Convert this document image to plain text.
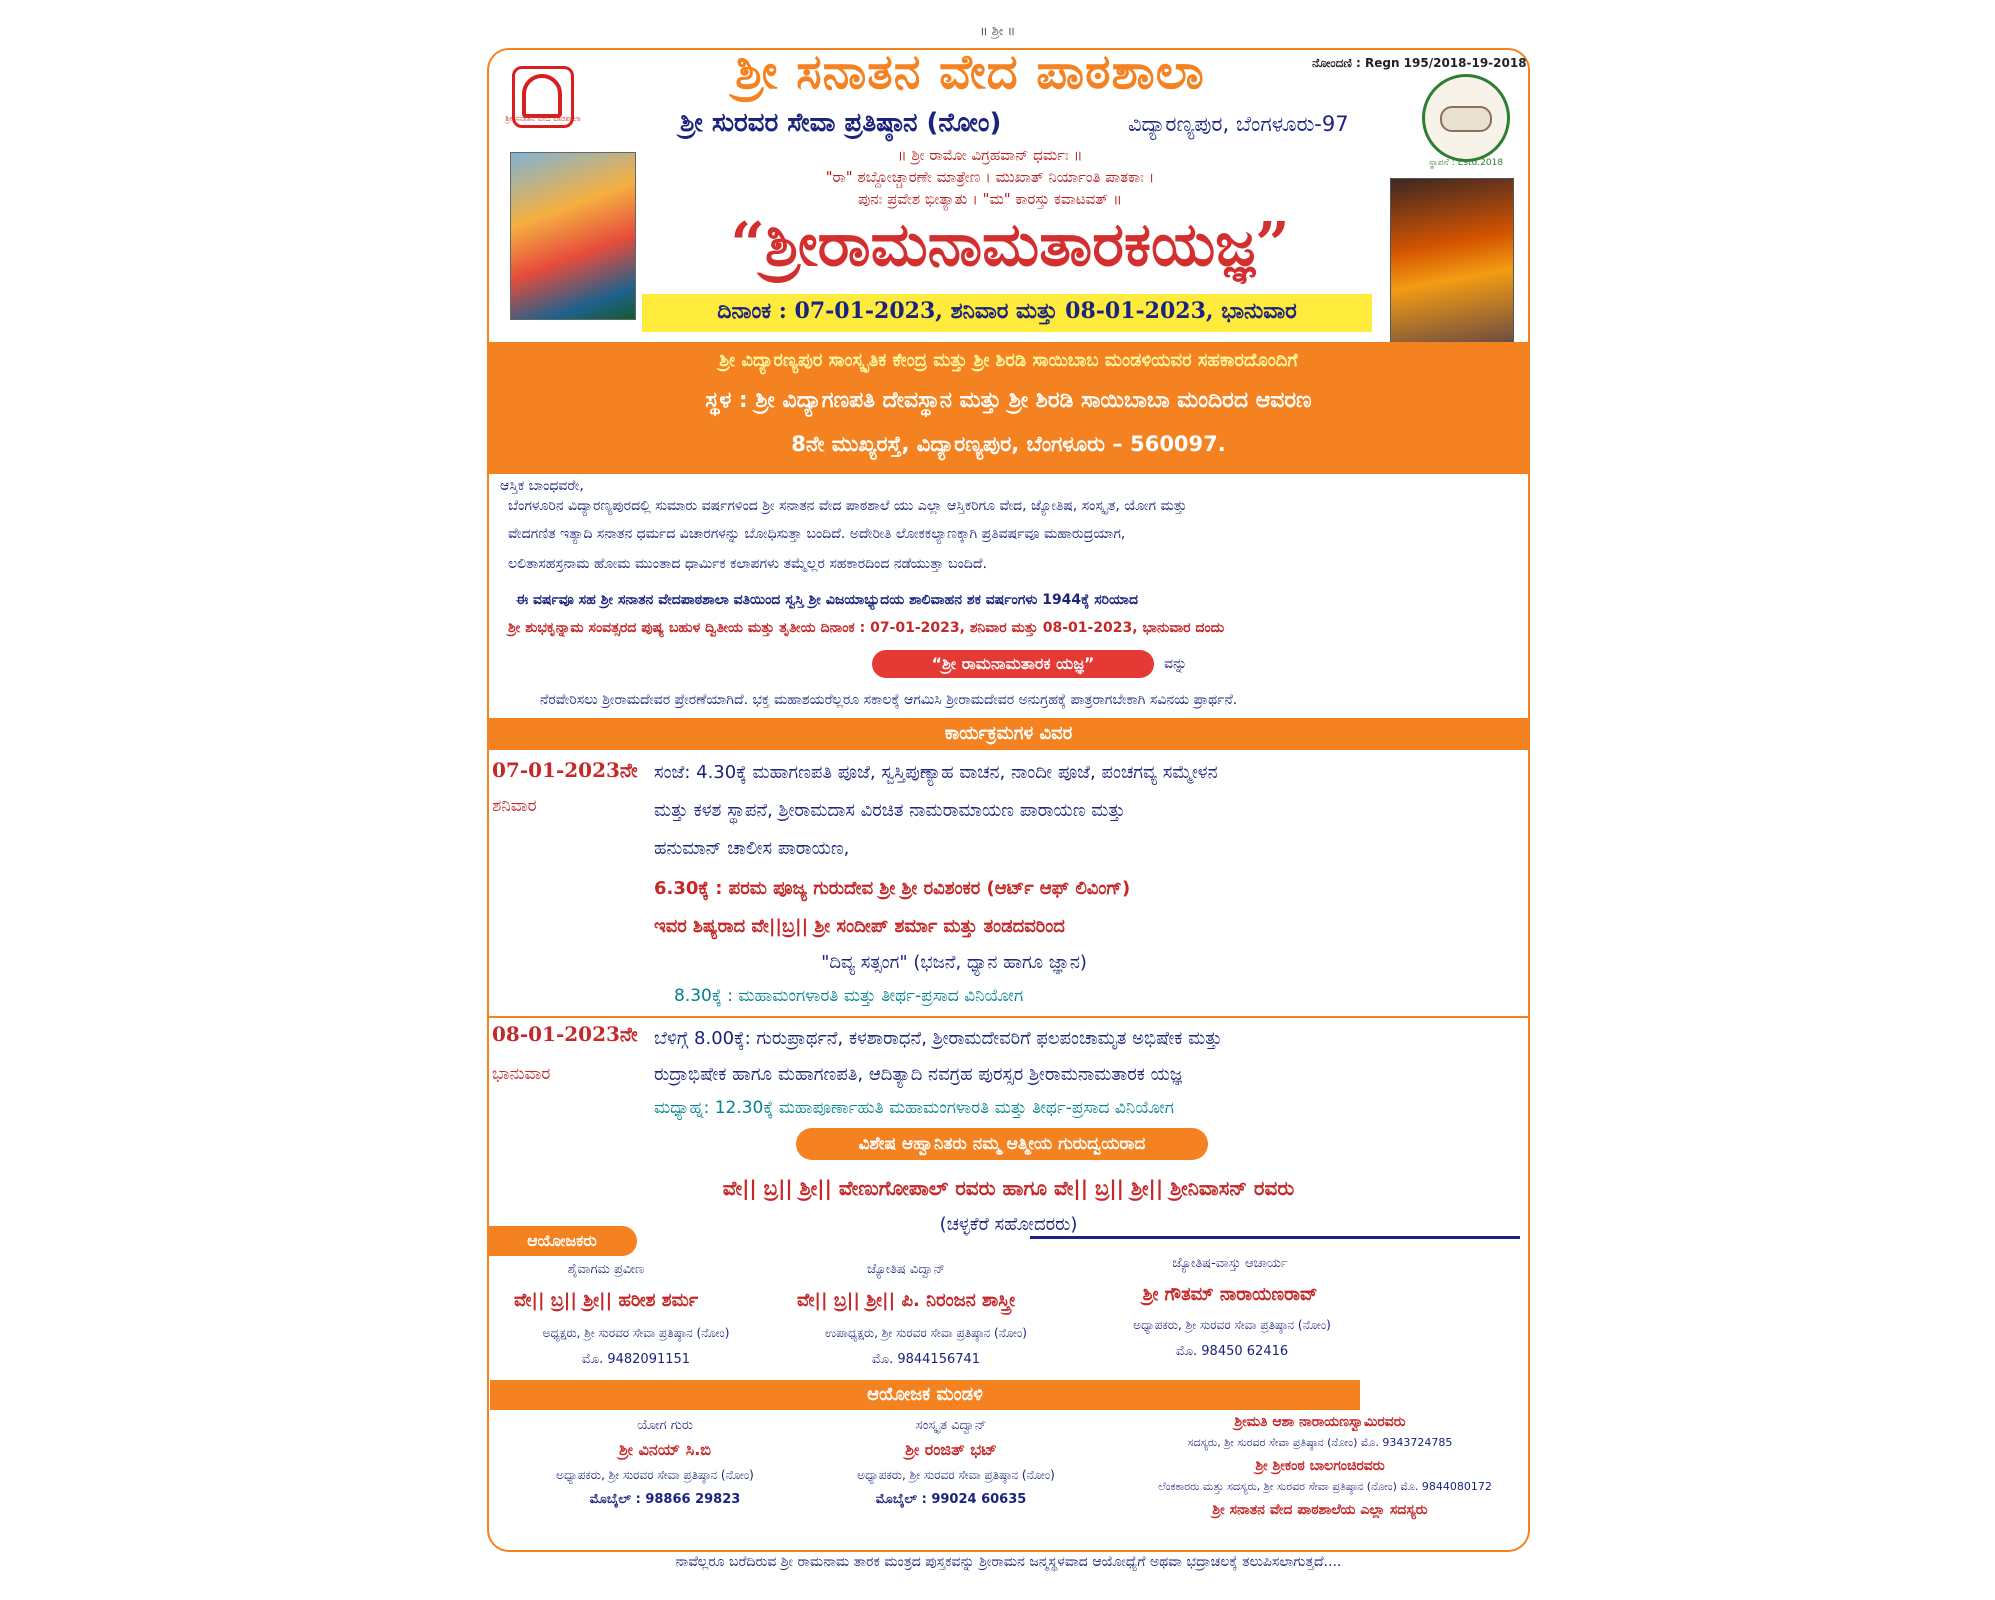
॥ ಶ್ರೀ ॥
ನೋಂದಣಿ : Regn 195/2018-19-2018
ಶ್ರೀ ಸನಾತನ ವೇದ ಪಾಠಶಾಲಾ
ಸ್ಥಾಪನೆ : Estd.2018
ಶ್ರೀ ಸನಾತನ ವೇದ ಪಾಠಶಾಲಾ
ಶ್ರೀ ಸುರವರ ಸೇವಾ ಪ್ರತಿಷ್ಠಾನ (ನೋಂ)	ವಿದ್ಯಾರಣ್ಯಪುರ, ಬೆಂಗಳೂರು-97
॥ ಶ್ರೀ ರಾಮೋ ವಿಗ್ರಹವಾನ್ ಧರ್ಮಃ ॥
"ರಾ" ಶಬ್ದೋಚ್ಚಾರಣೇ ಮಾತ್ರೇಣ । ಮುಖಾತ್ ನಿರ್ಯಾಂತಿ ಪಾತಕಾಃ ।
ಪುನಃ ಪ್ರವೇಶ ಭೀತ್ಯಾತು । "ಮ" ಕಾರಸ್ತು ಕವಾಟವತ್ ॥
“ಶ್ರೀರಾಮನಾಮತಾರಕಯಜ್ಞ”
ದಿನಾಂಕ : 07-01-2023, ಶನಿವಾರ ಮತ್ತು 08-01-2023, ಭಾನುವಾರ
ಶ್ರೀ ವಿದ್ಯಾರಣ್ಯಪುರ ಸಾಂಸ್ಕೃತಿಕ ಕೇಂದ್ರ ಮತ್ತು ಶ್ರೀ ಶಿರಡಿ ಸಾಯಿಬಾಬ ಮಂಡಳಿಯವರ ಸಹಕಾರದೊಂದಿಗೆ
ಸ್ಥಳ : ಶ್ರೀ ವಿದ್ಯಾಗಣಪತಿ ದೇವಸ್ಥಾನ ಮತ್ತು ಶ್ರೀ ಶಿರಡಿ ಸಾಯಿಬಾಬಾ ಮಂದಿರದ ಆವರಣ
8ನೇ ಮುಖ್ಯರಸ್ತೆ, ವಿದ್ಯಾರಣ್ಯಪುರ, ಬೆಂಗಳೂರು – 560097.
ಆಸ್ತಿಕ ಬಾಂಧವರೇ,
ಬೆಂಗಳೂರಿನ ವಿದ್ಯಾರಣ್ಯಪುರದಲ್ಲಿ ಸುಮಾರು ವರ್ಷಗಳಿಂದ ಶ್ರೀ ಸನಾತನ ವೇದ ಪಾಠಶಾಲೆ ಯು ಎಲ್ಲಾ ಆಸ್ತಿಕರಿಗೂ ವೇದ, ಜ್ಯೋತಿಷ, ಸಂಸ್ಕೃತ, ಯೋಗ ಮತ್ತು
ವೇದಗಣಿತ ಇತ್ಯಾದಿ ಸನಾತನ ಧರ್ಮದ ವಿಚಾರಗಳನ್ನು ಬೋಧಿಸುತ್ತಾ ಬಂದಿದೆ. ಅದೇರೀತಿ ಲೋಕಕಲ್ಯಾಣಕ್ಕಾಗಿ ಪ್ರತಿವರ್ಷವೂ ಮಹಾರುದ್ರಯಾಗ,
ಲಲಿತಾಸಹಸ್ರನಾಮ ಹೋಮ ಮುಂತಾದ ಧಾರ್ಮಿಕ ಕಲಾಪಗಳು ತಮ್ಮೆಲ್ಲರ ಸಹಕಾರದಿಂದ ನಡೆಯುತ್ತಾ ಬಂದಿದೆ.
ಈ ವರ್ಷವೂ ಸಹ ಶ್ರೀ ಸನಾತನ ವೇದಪಾಠಶಾಲಾ ವತಿಯಿಂದ ಸ್ವಸ್ತಿ ಶ್ರೀ ವಿಜಯಾಭ್ಯುದಯ ಶಾಲಿವಾಹನ ಶಕ ವರ್ಷಂಗಳು 1944ಕ್ಕೆ ಸರಿಯಾದ
ಶ್ರೀ ಶುಭಕೃನ್ನಾಮ ಸಂವತ್ಸರದ ಪುಷ್ಯ ಬಹುಳ ದ್ವಿತೀಯ ಮತ್ತು ತೃತೀಯ ದಿನಾಂಕ : 07-01-2023, ಶನಿವಾರ ಮತ್ತು 08-01-2023, ಭಾನುವಾರ ದಂದು
“ಶ್ರೀ ರಾಮನಾಮತಾರಕ ಯಜ್ಞ”	ವನ್ನು
ನೆರವೇರಿಸಲು ಶ್ರೀರಾಮದೇವರ ಪ್ರೇರಣೆಯಾಗಿದೆ. ಭಕ್ತ ಮಹಾಶಯರೆಲ್ಲರೂ ಸಕಾಲಕ್ಕೆ ಆಗಮಿಸಿ ಶ್ರೀರಾಮದೇವರ ಅನುಗ್ರಹಕ್ಕೆ ಪಾತ್ರರಾಗಬೇಕಾಗಿ ಸವಿನಯ ಪ್ರಾರ್ಥನೆ.
ಕಾರ್ಯಕ್ರಮಗಳ ವಿವರ
07-01-2023ನೇ
ಶನಿವಾರ
ಸಂಜೆ: 4.30ಕ್ಕೆ ಮಹಾಗಣಪತಿ ಪೂಜೆ, ಸ್ವಸ್ತಿಪುಣ್ಯಾಹ ವಾಚನ, ನಾಂದೀ ಪೂಜೆ, ಪಂಚಗವ್ಯ ಸಮ್ಮೇಳನ
ಮತ್ತು ಕಳಶ ಸ್ಥಾಪನೆ, ಶ್ರೀರಾಮದಾಸ ವಿರಚಿತ ನಾಮರಾಮಾಯಣ ಪಾರಾಯಣ ಮತ್ತು
ಹನುಮಾನ್ ಚಾಲೀಸ ಪಾರಾಯಣ,
6.30ಕ್ಕೆ : ಪರಮ ಪೂಜ್ಯ ಗುರುದೇವ ಶ್ರೀ ಶ್ರೀ ರವಿಶಂಕರ (ಆರ್ಟ್ ಆಫ್ ಲಿವಿಂಗ್)
ಇವರ ಶಿಷ್ಯರಾದ ವೇ||ಬ್ರ|| ಶ್ರೀ ಸಂದೀಪ್ ಶರ್ಮಾ ಮತ್ತು ತಂಡದವರಿಂದ
"ದಿವ್ಯ ಸತ್ಸಂಗ" (ಭಜನೆ, ಧ್ಯಾನ ಹಾಗೂ ಜ್ಞಾನ)
8.30ಕ್ಕೆ : ಮಹಾಮಂಗಳಾರತಿ ಮತ್ತು ತೀರ್ಥ-ಪ್ರಸಾದ ವಿನಿಯೋಗ
08-01-2023ನೇ
ಭಾನುವಾರ
ಬೆಳಿಗ್ಗೆ 8.00ಕ್ಕೆ: ಗುರುಪ್ರಾರ್ಥನೆ, ಕಳಶಾರಾಧನೆ, ಶ್ರೀರಾಮದೇವರಿಗೆ ಫಲಪಂಚಾಮೃತ ಅಭಿಷೇಕ ಮತ್ತು
ರುದ್ರಾಭಿಷೇಕ ಹಾಗೂ ಮಹಾಗಣಪತಿ, ಆದಿತ್ಯಾದಿ ನವಗ್ರಹ ಪುರಸ್ಸರ ಶ್ರೀರಾಮನಾಮತಾರಕ ಯಜ್ಞ
ಮಧ್ಯಾಹ್ನ: 12.30ಕ್ಕೆ ಮಹಾಪೂರ್ಣಾಹುತಿ ಮಹಾಮಂಗಳಾರತಿ ಮತ್ತು ತೀರ್ಥ-ಪ್ರಸಾದ ವಿನಿಯೋಗ
ವಿಶೇಷ ಆಹ್ವಾನಿತರು ನಮ್ಮ ಆತ್ಮೀಯ ಗುರುದ್ವಯರಾದ
ವೇ|| ಬ್ರ|| ಶ್ರೀ|| ವೇಣುಗೋಪಾಲ್ ರವರು ಹಾಗೂ ವೇ|| ಬ್ರ|| ಶ್ರೀ|| ಶ್ರೀನಿವಾಸನ್ ರವರು
(ಚಳ್ಳಕೆರೆ ಸಹೋದರರು)
ಆಯೋಜಕರು
ಶೈವಾಗಮ ಪ್ರವೀಣ
ವೇ|| ಬ್ರ|| ಶ್ರೀ|| ಹರೀಶ ಶರ್ಮ
ಅಧ್ಯಕ್ಷರು, ಶ್ರೀ ಸುರವರ ಸೇವಾ ಪ್ರತಿಷ್ಠಾನ (ನೋಂ)
ಮೊ. 9482091151
ಜ್ಯೋತಿಷ ವಿದ್ವಾನ್
ವೇ|| ಬ್ರ|| ಶ್ರೀ|| ಪಿ. ನಿರಂಜನ ಶಾಸ್ತ್ರೀ
ಉಪಾಧ್ಯಕ್ಷರು, ಶ್ರೀ ಸುರವರ ಸೇವಾ ಪ್ರತಿಷ್ಠಾನ (ನೋಂ)
ಮೊ. 9844156741
ಜ್ಯೋತಿಷ-ವಾಸ್ತು ಆಚಾರ್ಯ
ಶ್ರೀ ಗೌತಮ್ ನಾರಾಯಣರಾವ್
ಅಧ್ಯಾಪಕರು, ಶ್ರೀ ಸುರವರ ಸೇವಾ ಪ್ರತಿಷ್ಠಾನ (ನೋಂ)
ಮೊ. 98450 62416
ಆಯೋಜಕ ಮಂಡಳಿ
ಯೋಗ ಗುರು
ಶ್ರೀ ವಿನಯ್ ಸಿ.ಬಿ
ಅಧ್ಯಾಪಕರು, ಶ್ರೀ ಸುರವರ ಸೇವಾ ಪ್ರತಿಷ್ಠಾನ (ನೋಂ)
ಮೊಬೈಲ್ : 98866 29823
ಸಂಸ್ಕೃತ ವಿದ್ವಾನ್
ಶ್ರೀ ರಂಜಿತ್ ಭಟ್
ಅಧ್ಯಾಪಕರು, ಶ್ರೀ ಸುರವರ ಸೇವಾ ಪ್ರತಿಷ್ಠಾನ (ನೋಂ)
ಮೊಬೈಲ್ : 99024 60635
ಶ್ರೀಮತಿ ಆಶಾ ನಾರಾಯಣಸ್ವಾಮಿರವರು
ಸದಸ್ಯರು, ಶ್ರೀ ಸುರವರ ಸೇವಾ ಪ್ರತಿಷ್ಠಾನ (ನೋಂ) ಮೊ. 9343724785
ಶ್ರೀ ಶ್ರೀಕಂಠ ಬಾಲಗಂಚಿರವರು
ಲೆಂಕಕಾರರು ಮತ್ತು ಸದಸ್ಯರು, ಶ್ರೀ ಸುರವರ ಸೇವಾ ಪ್ರತಿಷ್ಠಾನ (ನೋಂ) ಮೊ. 9844080172
ಶ್ರೀ ಸನಾತನ ವೇದ ಪಾಠಶಾಲೆಯ ಎಲ್ಲಾ ಸದಸ್ಯರು
ನಾವೆಲ್ಲರೂ ಬರೆದಿರುವ ಶ್ರೀ ರಾಮನಾಮ ತಾರಕ ಮಂತ್ರದ ಪುಸ್ತಕವನ್ನು ಶ್ರೀರಾಮನ ಜನ್ಮಸ್ಥಳವಾದ ಆಯೋಧ್ಯೆಗೆ ಅಥವಾ ಭದ್ರಾಚಲಕ್ಕೆ ತಲುಪಿಸಲಾಗುತ್ತದೆ....
